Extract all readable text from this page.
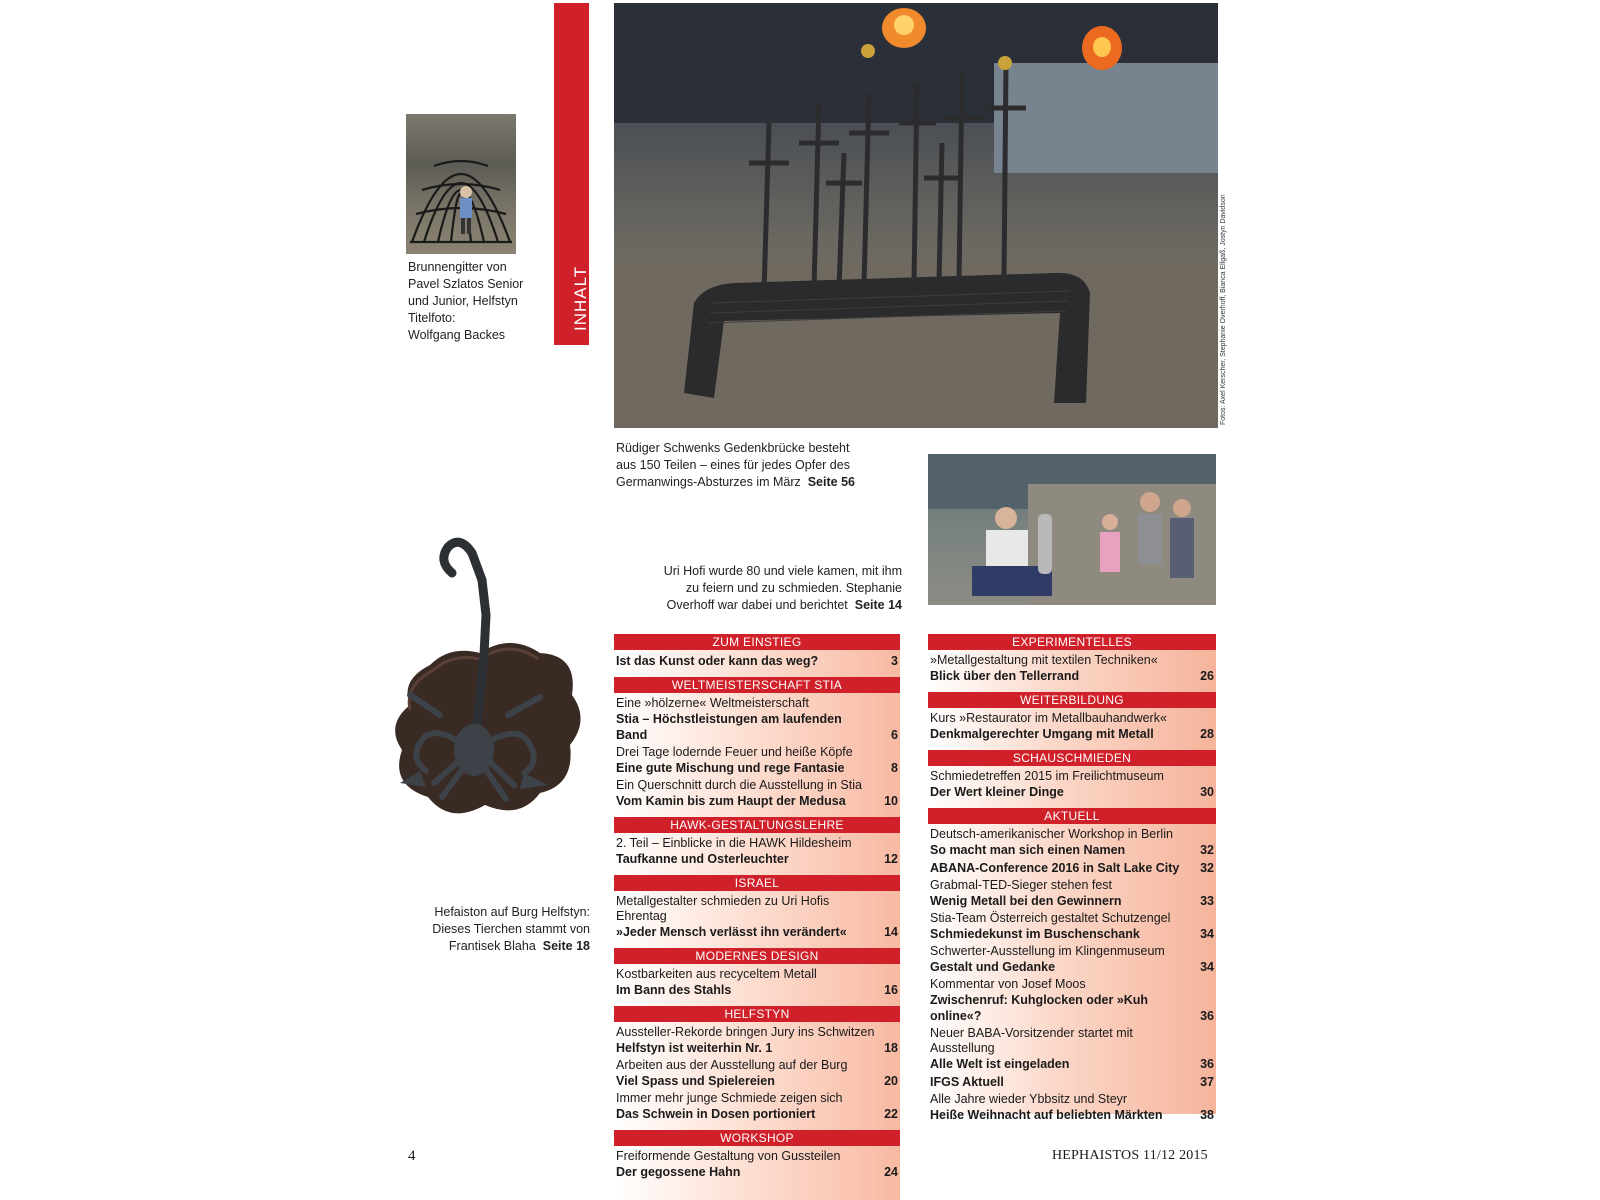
Brunnengitter von
Pavel Szlatos Senior
und Junior, Helfstyn
Titelfoto:
Wolfgang Backes
INHALT	Fotos: Axel Kerscher, Stephanie Overhoff, Bianca Ellgaß, Jostyn Davidson
Rüdiger Schwenks Gedenkbrücke besteht
aus 150 Teilen – eines für jedes Opfer des
Germanwings-Absturzes im März Seite 56
Uri Hofi wurde 80 und viele kamen, mit ihm
zu feiern und zu schmieden. Stephanie
Overhoff war dabei und berichtet Seite 14
Hefaiston auf Burg Helfstyn:
Dieses Tierchen stammt von
Frantisek Blaha Seite 18
ZUM EINSTIEG
Ist das Kunst oder kann das weg?	3
WELTMEISTERSCHAFT STIA
Eine »hölzerne« Weltmeisterschaft
Stia – Höchstleistungen am laufenden Band	6
Drei Tage lodernde Feuer und heiße Köpfe
Eine gute Mischung und rege Fantasie	8
Ein Querschnitt durch die Ausstellung in Stia
Vom Kamin bis zum Haupt der Medusa	10
HAWK-GESTALTUNGSLEHRE
2. Teil – Einblicke in die HAWK Hildesheim
Taufkanne und Osterleuchter	12
ISRAEL
Metallgestalter schmieden zu Uri Hofis Ehrentag
»Jeder Mensch verlässt ihn verändert«	14
MODERNES DESIGN
Kostbarkeiten aus recyceltem Metall
Im Bann des Stahls	16
HELFSTYN
Aussteller-Rekorde bringen Jury ins Schwitzen
Helfstyn ist weiterhin Nr. 1	18
Arbeiten aus der Ausstellung auf der Burg
Viel Spass und Spielereien	20
Immer mehr junge Schmiede zeigen sich
Das Schwein in Dosen portioniert	22
WORKSHOP
Freiformende Gestaltung von Gussteilen
Der gegossene Hahn	24
EXPERIMENTELLES
»Metallgestaltung mit textilen Techniken«
Blick über den Tellerrand	26
WEITERBILDUNG
Kurs »Restaurator im Metallbauhandwerk«
Denkmalgerechter Umgang mit Metall	28
SCHAUSCHMIEDEN
Schmiedetreffen 2015 im Freilichtmuseum
Der Wert kleiner Dinge	30
AKTUELL
Deutsch-amerikanischer Workshop in Berlin
So macht man sich einen Namen	32
ABANA-Conference 2016 in Salt Lake City	32
Grabmal-TED-Sieger stehen fest
Wenig Metall bei den Gewinnern	33
Stia-Team Österreich gestaltet Schutzengel
Schmiedekunst im Buschenschank	34
Schwerter-Ausstellung im Klingenmuseum
Gestalt und Gedanke	34
Kommentar von Josef Moos
Zwischenruf: Kuhglocken oder »Kuh online«?	36
Neuer BABA-Vorsitzender startet mit Ausstellung
Alle Welt ist eingeladen	36
IFGS Aktuell	37
Alle Jahre wieder Ybbsitz und Steyr
Heiße Weihnacht auf beliebten Märkten	38
4	HEPHAISTOS 11/12 2015
